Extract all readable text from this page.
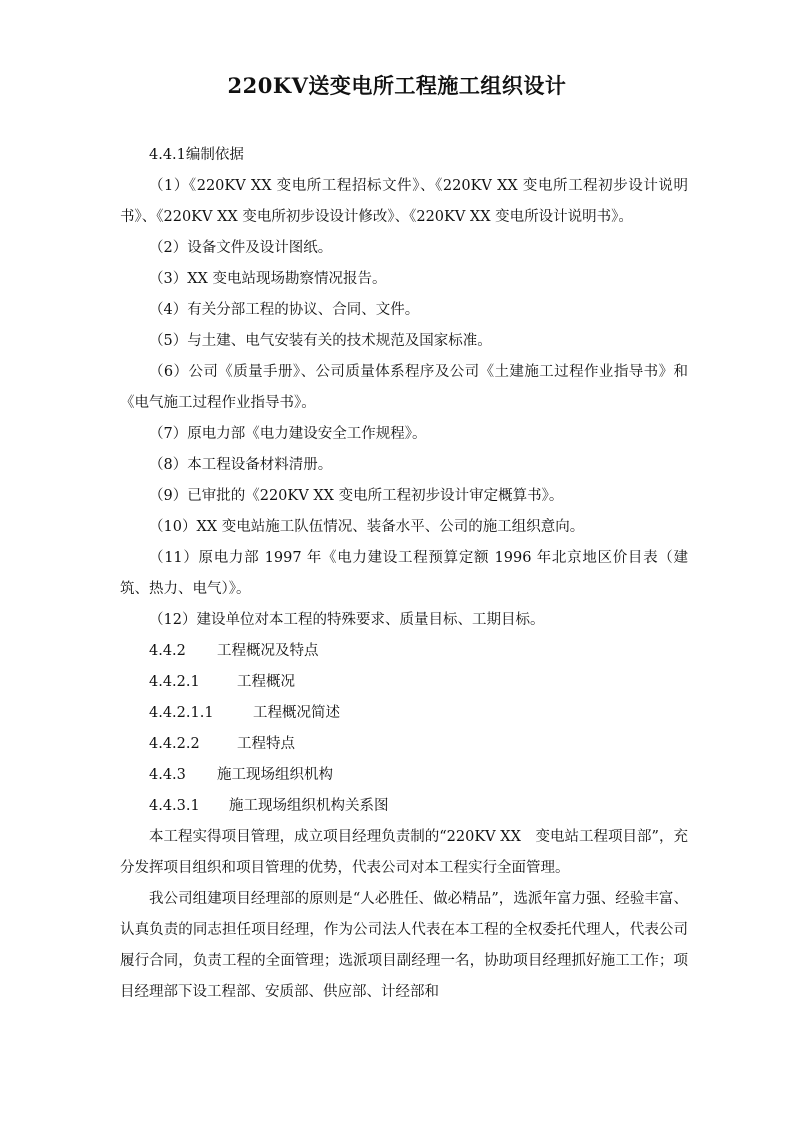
220KV送变电所工程施工组织设计

4.4.1编制依据

（1）《220KV XX 变电所工程招标文件》、《220KV XX 变电所工程初步设计说明书》、《220KV XX 变电所初步设设计修改》、《220KV XX 变电所设计说明书》。

（2）设备文件及设计图纸。

（3）XX 变电站现场勘察情况报告。

（4）有关分部工程的协议、合同、文件。

（5）与土建、电气安装有关的技术规范及国家标准。

（6）公司《质量手册》、公司质量体系程序及公司《土建施工过程作业指导书》和《电气施工过程作业指导书》。

（7）原电力部《电力建设安全工作规程》。

（8）本工程设备材料清册。

（9）已审批的《220KV XX 变电所工程初步设计审定概算书》。

（10）XX 变电站施工队伍情况、装备水平、公司的施工组织意向。

（11）原电力部 1997 年《电力建设工程预算定额 1996 年北京地区价目表（建筑、热力、电气）》。

（12）建设单位对本工程的特殊要求、质量目标、工期目标。

4.4.2 工程概况及特点

4.4.2.1	工程概况

4.4.2.1.1	工程概况简述

4.4.2.2	工程特点

4.4.3 施工现场组织机构

4.4.3.1 施工现场组织机构关系图

本工程实得项目管理，成立项目经理负责制的“220KV XX　变电站工程项目部”，充分发挥项目组织和项目管理的优势，代表公司对本工程实行全面管理。

我公司组建项目经理部的原则是“人必胜任、做必精品”，选派年富力强、经验丰富、认真负责的同志担任项目经理，作为公司法人代表在本工程的全权委托代理人，代表公司履行合同，负责工程的全面管理；选派项目副经理一名，协助项目经理抓好施工工作；项目经理部下设工程部、安质部、供应部、计经部和
